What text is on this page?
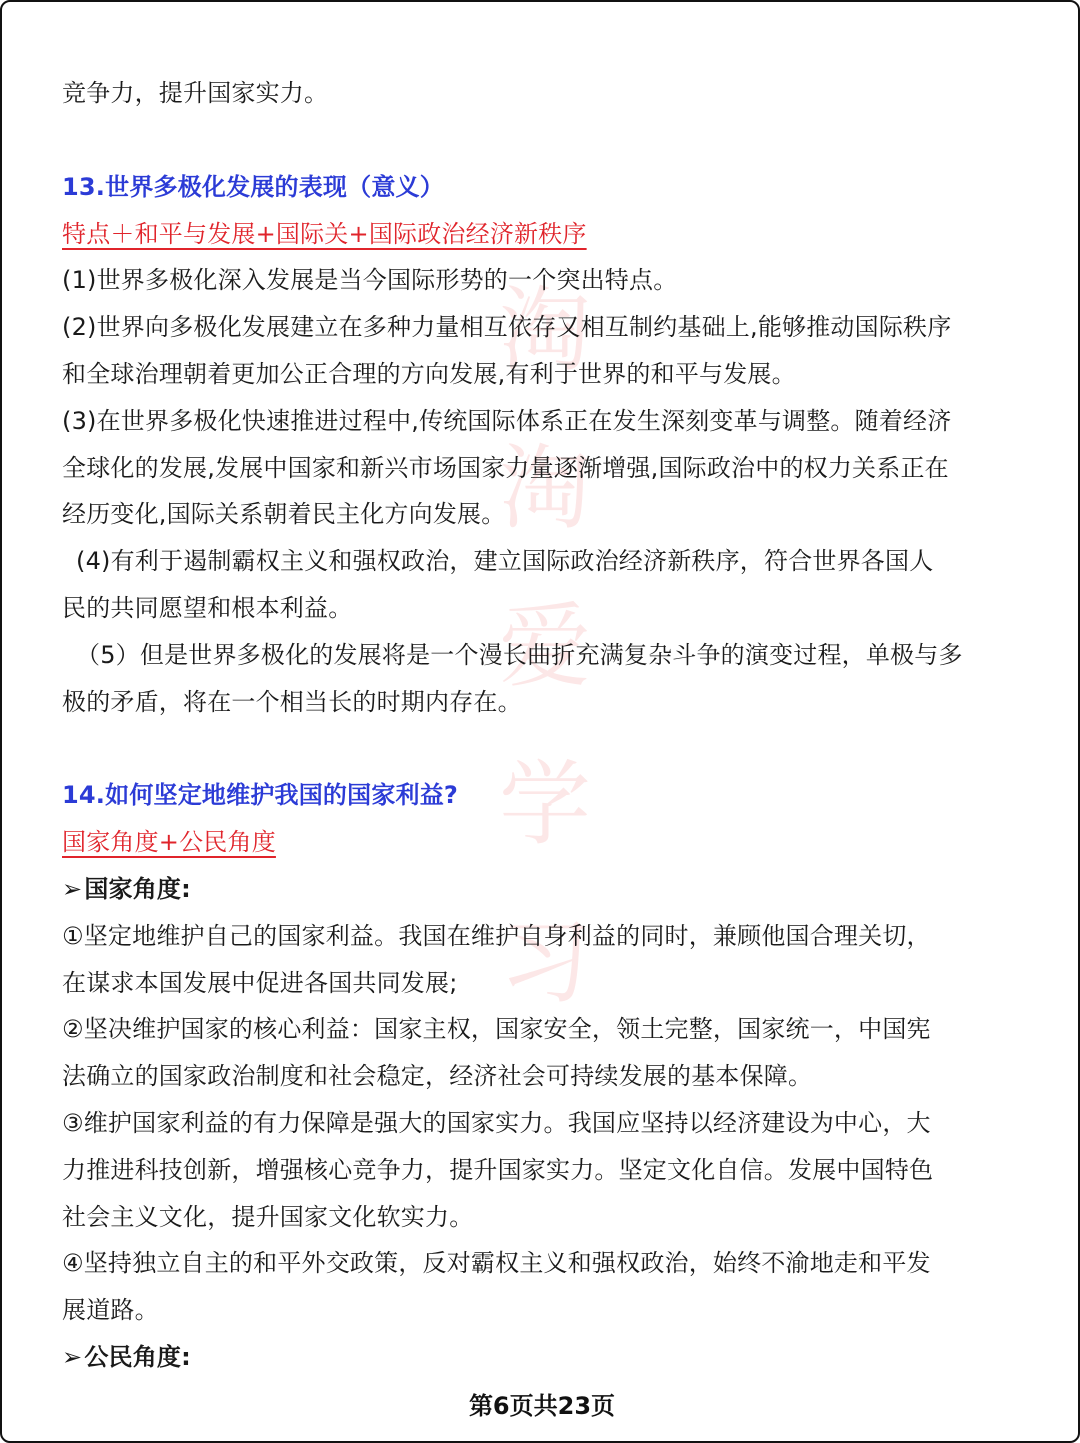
淘
淘
爱
学
习
竞争力，提升国家实力。
13.世界多极化发展的表现（意义）
特点＋和平与发展+国际关+国际政治经济新秩序
(1)世界多极化深入发展是当今国际形势的一个突出特点。
(2)世界向多极化发展建立在多种力量相互依存又相互制约基础上,能够推动国际秩序
和全球治理朝着更加公正合理的方向发展,有利于世界的和平与发展。
(3)在世界多极化快速推进过程中,传统国际体系正在发生深刻变革与调整。随着经济
全球化的发展,发展中国家和新兴市场国家力量逐渐增强,国际政治中的权力关系正在
经历变化,国际关系朝着民主化方向发展。
(4)有利于遏制霸权主义和强权政治，建立国际政治经济新秩序，符合世界各国人
民的共同愿望和根本利益。
（5）但是世界多极化的发展将是一个漫长曲折充满复杂斗争的演变过程，单极与多
极的矛盾，将在一个相当长的时期内存在。
14.如何坚定地维护我国的国家利益?
国家角度+公民角度
➢国家角度:
①坚定地维护自己的国家利益。我国在维护自身利益的同时，兼顾他国合理关切，
在谋求本国发展中促进各国共同发展;
②坚决维护国家的核心利益：国家主权，国家安全，领土完整，国家统一，中国宪
法确立的国家政治制度和社会稳定，经济社会可持续发展的基本保障。
③维护国家利益的有力保障是强大的国家实力。我国应坚持以经济建设为中心，大
力推进科技创新，增强核心竞争力，提升国家实力。坚定文化自信。发展中国特色
社会主义文化，提升国家文化软实力。
④坚持独立自主的和平外交政策，反对霸权主义和强权政治，始终不渝地走和平发
展道路。
➢公民角度:
第6页共23页
